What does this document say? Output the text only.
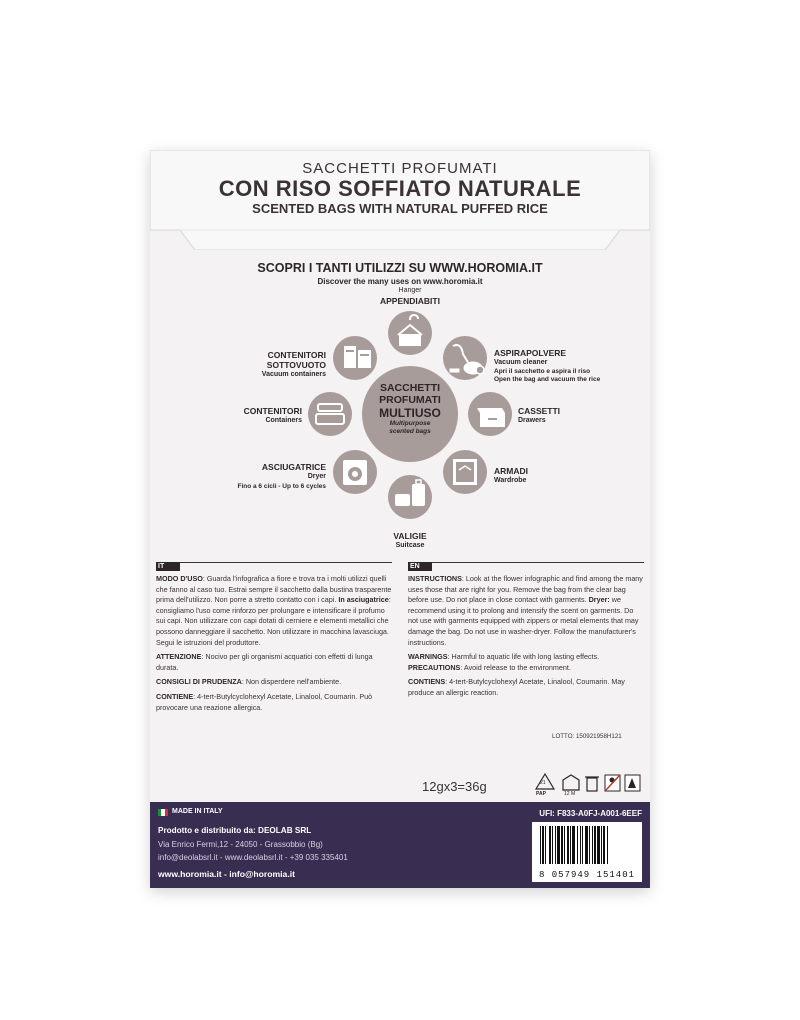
SACCHETTI PROFUMATI
CON RISO SOFFIATO NATURALE
SCENTED BAGS WITH NATURAL PUFFED RICE
SCOPRI I TANTI UTILIZZI SU WWW.HOROMIA.IT
Discover the many uses on www.horomia.it
SACCHETTI
PROFUMATI
MULTIUSO
Multipurpose
scented bags
Hanger
APPENDIABITI
ASPIRAPOLVERE
Vacuum cleaner
Apri il sacchetto e aspira il riso
Open the bag and vacuum the rice
CASSETTI
Drawers
ARMADI
Wardrobe
VALIGIE
Suitcase
ASCIUGATRICE
Dryer
Fino a 6 cicli - Up to 6 cycles
CONTENITORI
Containers
CONTENITORI
SOTTOVUOTO
Vacuum containers
IT	EN

MODO D'USO: Guarda l'infografica a fiore e trova tra i molti utilizzi quelli che fanno al caso tuo. Estrai sempre il sacchetto dalla bustina trasparente prima dell'utilizzo. Non porre a stretto contatto con i capi. In asciugatrice: consigliamo l'uso come rinforzo per prolungare e intensificare il profumo sui capi. Non utilizzare con capi dotati di cerniere e elementi metallici che possono danneggiare il sacchetto. Non utilizzare in macchina lavasciuga. Segui le istruzioni del produttore.

ATTENZIONE: Nocivo per gli organismi acquatici con effetti di lunga durata.

CONSIGLI DI PRUDENZA: Non disperdere nell'ambiente.

CONTIENE: 4-tert-Butylcyclohexyl Acetate, Linalool, Coumarin. Può provocare una reazione allergica.

INSTRUCTIONS: Look at the flower infographic and find among the many uses those that are right for you. Remove the bag from the clear bag before use. Do not place in close contact with garments. Dryer: we recommend using it to prolong and intensify the scent on garments. Do not use with garments equipped with zippers or metal elements that may damage the bag. Do not use in washer-dryer. Follow the manufacturer's instructions.

WARNINGS: Harmful to aquatic life with long lasting effects.

PRECAUTIONS: Avoid release to the environment.

CONTIENS: 4-tert-Butylcyclohexyl Acetate, Linalool, Coumarin. May produce an allergic reaction.

LOTTO: 150921958H121
12gx3=36g	21
PAP	12 M
MADE IN ITALY	UFI: F833-A0FJ-A001-6EEF
Prodotto e distribuito da: DEOLAB SRL
Via Enrico Fermi,12 - 24050 - Grassobbio (Bg)
info@deolabsrl.it - www.deolabsrl.it - +39 035 335401
www.horomia.it - info@horomia.it	8 057949 151401
